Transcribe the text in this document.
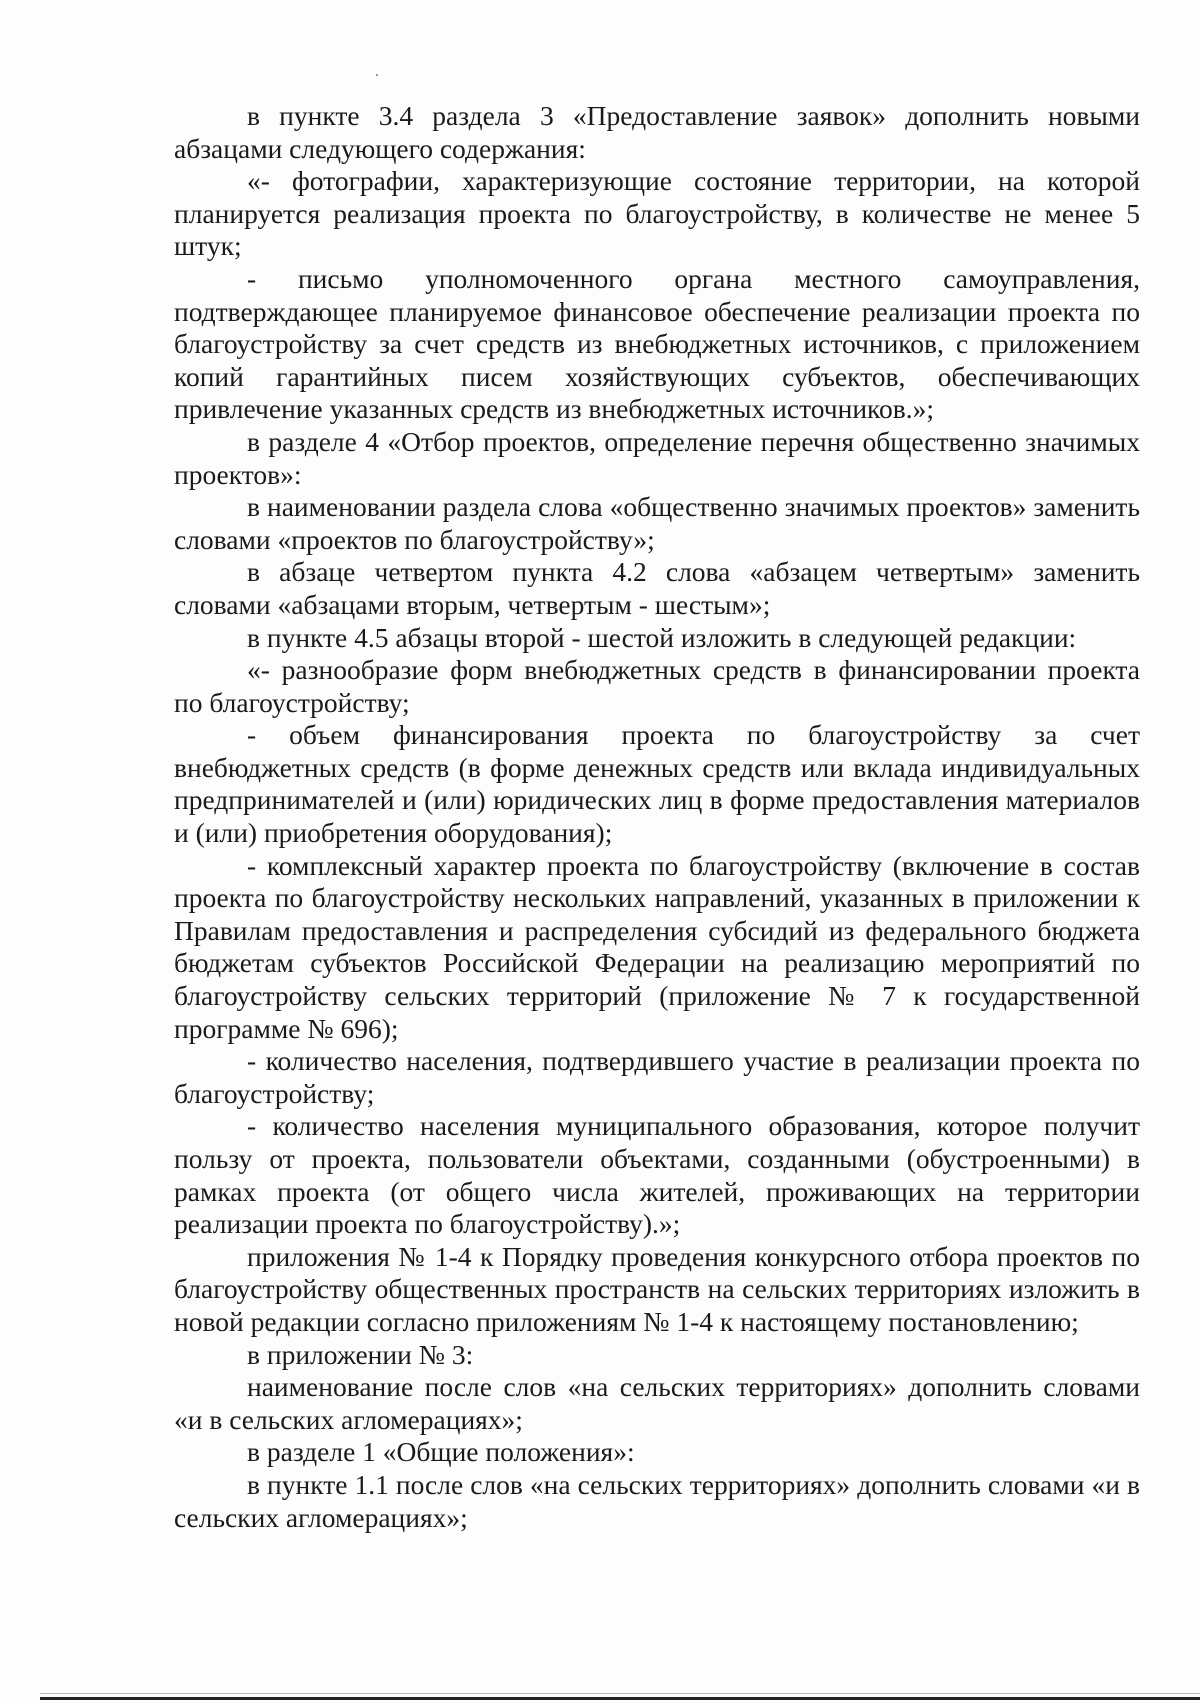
в пункте 3.4 раздела 3 «Предоставление заявок» дополнить новыми абзацами следующего содержания:

«- фотографии, характеризующие состояние территории, на которой планируется реализация проекта по благоустройству, в количестве не менее 5 штук;

- письмо уполномоченного органа местного самоуправления, подтверждающее планируемое финансовое обеспечение реализации проекта по благоустройству за счет средств из внебюджетных источников, с приложением копий гарантийных писем хозяйствующих субъектов, обеспечивающих привлечение указанных средств из внебюджетных источников.»;

в разделе 4 «Отбор проектов, определение перечня общественно значимых проектов»:

в наименовании раздела слова «общественно значимых проектов» заменить словами «проектов по благоустройству»;

в абзаце четвертом пункта 4.2 слова «абзацем четвертым» заменить словами «абзацами вторым, четвертым - шестым»;

в пункте 4.5 абзацы второй - шестой изложить в следующей редакции:

«- разнообразие форм внебюджетных средств в финансировании проекта по благоустройству;

- объем финансирования проекта по благоустройству за счет внебюджетных средств (в форме денежных средств или вклада индивидуальных предпринимателей и (или) юридических лиц в форме предоставления материалов и (или) приобретения оборудования);

- комплексный характер проекта по благоустройству (включение в состав проекта по благоустройству нескольких направлений, указанных в приложении к Правилам предоставления и распределения субсидий из федерального бюджета бюджетам субъектов Российской Федерации на реализацию мероприятий по благоустройству сельских территорий (приложение № 7 к государственной программе № 696);

- количество населения, подтвердившего участие в реализации проекта по благоустройству;

- количество населения муниципального образования, которое получит пользу от проекта, пользователи объектами, созданными (обустроенными) в рамках проекта (от общего числа жителей, проживающих на территории реализации проекта по благоустройству).»;

приложения № 1-4 к Порядку проведения конкурсного отбора проектов по благоустройству общественных пространств на сельских территориях изложить в новой редакции согласно приложениям № 1-4 к настоящему постановлению;

в приложении № 3:

наименование после слов «на сельских территориях» дополнить словами «и в сельских агломерациях»;

в разделе 1 «Общие положения»:

в пункте 1.1 после слов «на сельских территориях» дополнить словами «и в сельских агломерациях»;
